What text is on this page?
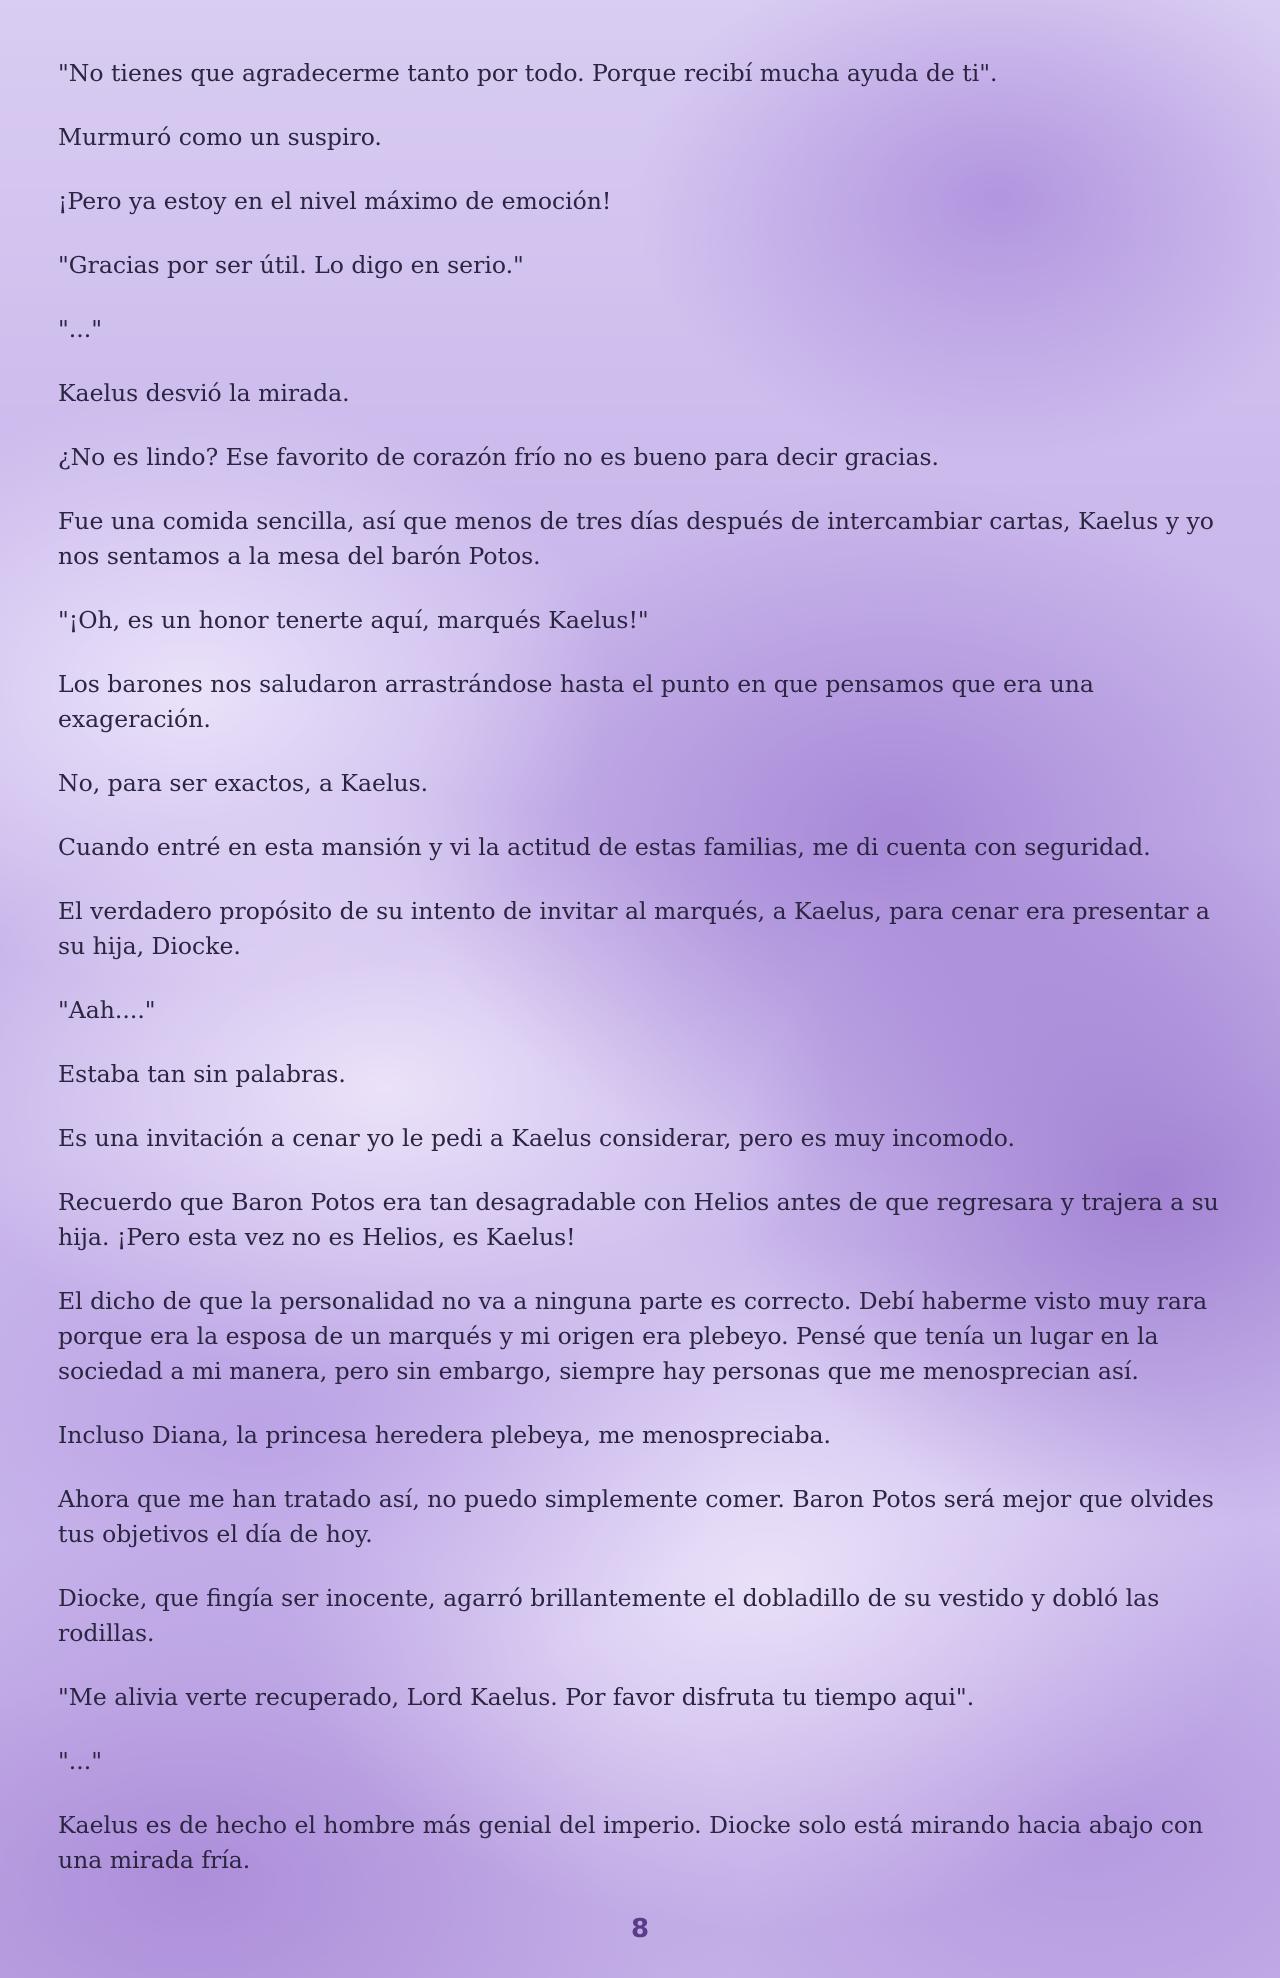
"No tienes que agradecerme tanto por todo. Porque recibí mucha ayuda de ti".

Murmuró como un suspiro.

¡Pero ya estoy en el nivel máximo de emoción!

"Gracias por ser útil. Lo digo en serio."

"..."

Kaelus desvió la mirada.

¿No es lindo? Ese favorito de corazón frío no es bueno para decir gracias.

Fue una comida sencilla, así que menos de tres días después de intercambiar cartas, Kaelus y yo nos sentamos a la mesa del barón Potos.

"¡Oh, es un honor tenerte aquí, marqués Kaelus!"

Los barones nos saludaron arrastrándose hasta el punto en que pensamos que era una exageración.

No, para ser exactos, a Kaelus.

Cuando entré en esta mansión y vi la actitud de estas familias, me di cuenta con seguridad.

El verdadero propósito de su intento de invitar al marqués, a Kaelus, para cenar era presentar a su hija, Diocke.

"Aah...."

Estaba tan sin palabras.

Es una invitación a cenar yo le pedi a Kaelus considerar, pero es muy incomodo.

Recuerdo que Baron Potos era tan desagradable con Helios antes de que regresara y trajera a su hija. ¡Pero esta vez no es Helios, es Kaelus!

El dicho de que la personalidad no va a ninguna parte es correcto. Debí haberme visto muy rara porque era la esposa de un marqués y mi origen era plebeyo. Pensé que tenía un lugar en la sociedad a mi manera, pero sin embargo, siempre hay personas que me menosprecian así.

Incluso Diana, la princesa heredera plebeya, me menospreciaba.

Ahora que me han tratado así, no puedo simplemente comer. Baron Potos será mejor que olvides tus objetivos el día de hoy.

Diocke, que fingía ser inocente, agarró brillantemente el dobladillo de su vestido y dobló las rodillas.

"Me alivia verte recuperado, Lord Kaelus. Por favor disfruta tu tiempo aqui".

"..."

Kaelus es de hecho el hombre más genial del imperio. Diocke solo está mirando hacia abajo con una mirada fría.

8
